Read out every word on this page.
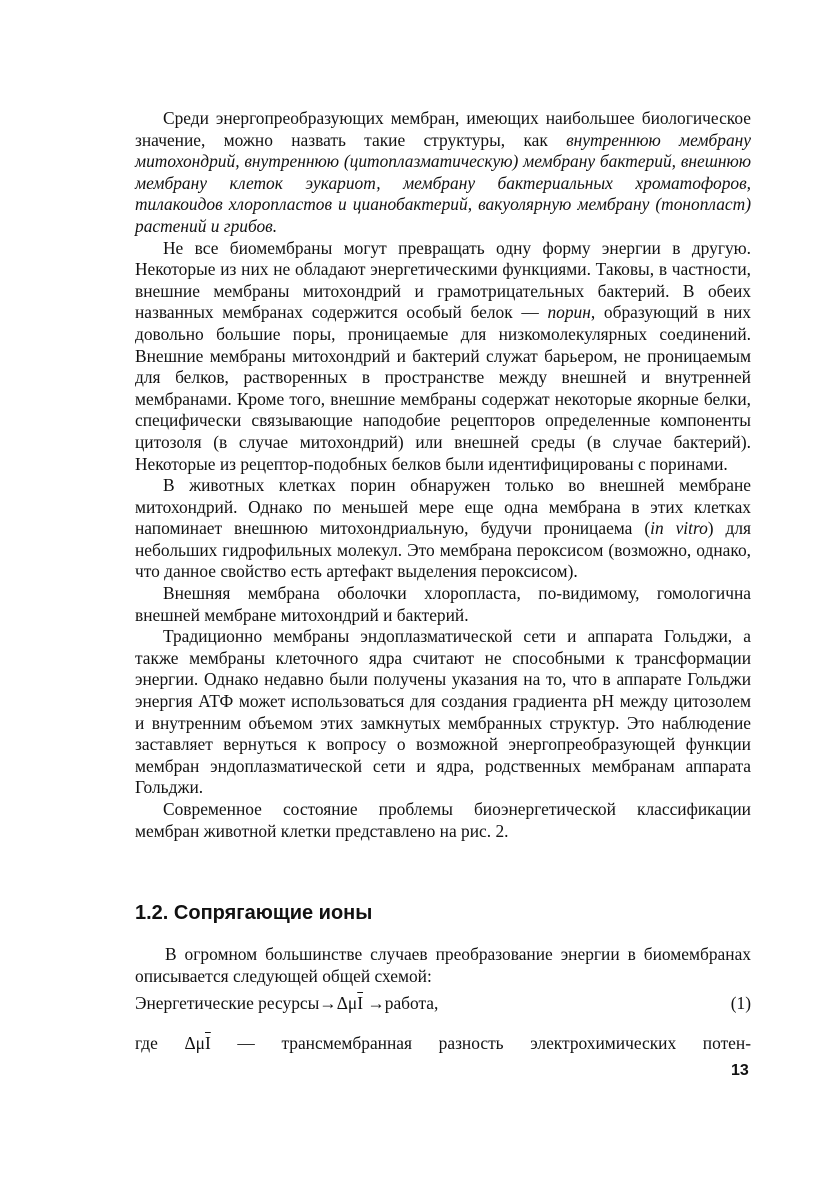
Среди энергопреобразующих мембран, имеющих наибольшее биологическое значение, можно назвать такие структуры, как внутреннюю мембрану митохондрий, внутреннюю (цитоплазматическую) мембрану бактерий, внешнюю мембрану клеток эукариот, мембрану бактериальных хроматофоров, тилакоидов хлоропластов и цианобактерий, вакуолярную мембрану (тонопласт) растений и грибов.

Не все биомембраны могут превращать одну форму энергии в другую. Некоторые из них не обладают энергетическими функциями. Таковы, в частности, внешние мембраны митохондрий и грамотрицательных бактерий. В обеих названных мембранах содержится особый белок — порин, образующий в них довольно большие поры, проницаемые для низкомолекулярных соединений. Внешние мембраны митохондрий и бактерий служат барьером, не проницаемым для белков, растворенных в пространстве между внешней и внутренней мембранами. Кроме того, внешние мембраны содержат некоторые якорные белки, специфически связывающие наподобие рецепторов определенные компоненты цитозоля (в случае митохондрий) или внешней среды (в случае бактерий). Некоторые из рецептор-подобных белков были идентифицированы с поринами.

В животных клетках порин обнаружен только во внешней мембране митохондрий. Однако по меньшей мере еще одна мембрана в этих клетках напоминает внешнюю митохондриальную, будучи проницаема (in vitro) для небольших гидрофильных молекул. Это мембрана пероксисом (возможно, однако, что данное свойство есть артефакт выделения пероксисом).

Внешняя мембрана оболочки хлоропласта, по-видимому, гомологична внешней мембране митохондрий и бактерий.

Традиционно мембраны эндоплазматической сети и аппарата Гольджи, а также мембраны клеточного ядра считают не способными к трансформации энергии. Однако недавно были получены указания на то, что в аппарате Гольджи энергия АТФ может использоваться для создания градиента pH между цитозолем и внутренним объемом этих замкнутых мембранных структур. Это наблюдение заставляет вернуться к вопросу о возможной энергопреобразующей функции мембран эндоплазматической сети и ядра, родственных мембранам аппарата Гольджи.

Современное состояние проблемы биоэнергетической классификации мембран животной клетки представлено на рис. 2.

1.2. Сопрягающие ионы

В огромном большинстве случаев преобразование энергии в биомембранах описывается следующей общей схемой:

Энергетические $ресурсы\to\Delta\mu\overline{I}$ →работа,	(1)
где $\Delta\mu\overline{I}$ — трансмембранная разность электрохимических потен-
13
